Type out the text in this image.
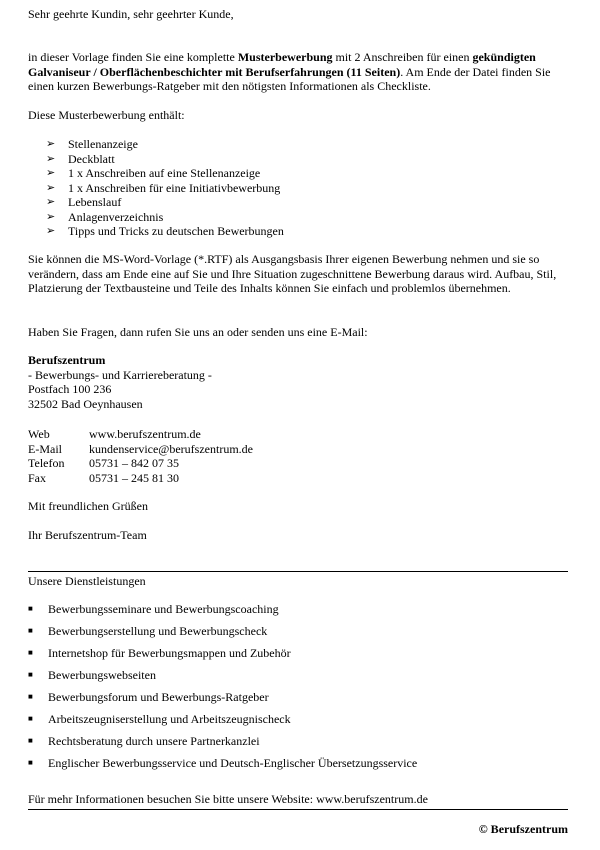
Sehr geehrte Kundin, sehr geehrter Kunde,

in dieser Vorlage finden Sie eine komplette Musterbewerbung mit 2 Anschreiben für einen gekündigten Galvaniseur / Oberflächenbeschichter mit Berufserfahrungen (11 Seiten). Am Ende der Datei finden Sie einen kurzen Bewerbungs-Ratgeber mit den nötigsten Informationen als Checkliste.

Diese Musterbewerbung enthält:

➢	Stellenanzeige
➢	Deckblatt
➢	1 x Anschreiben auf eine Stellenanzeige
➢	1 x Anschreiben für eine Initiativbewerbung
➢	Lebenslauf
➢	Anlagenverzeichnis
➢	Tipps und Tricks zu deutschen Bewerbungen

Sie können die MS-Word-Vorlage (*.RTF) als Ausgangsbasis Ihrer eigenen Bewerbung nehmen und sie so verändern, dass am Ende eine auf Sie und Ihre Situation zugeschnittene Bewerbung daraus wird. Aufbau, Stil, Platzierung der Textbausteine und Teile des Inhalts können Sie einfach und problemlos übernehmen.

Haben Sie Fragen, dann rufen Sie uns an oder senden uns eine E-Mail:

Berufszentrum

- Bewerbungs- und Karriereberatung -

Postfach 100 236

32502 Bad Oeynhausen

Web	www.berufszentrum.de
E-Mail	kundenservice@berufszentrum.de
Telefon	05731 – 842 07 35
Fax	05731 – 245 81 30

Mit freundlichen Grüßen

Ihr Berufszentrum-Team

Unsere Dienstleistungen

■	Bewerbungsseminare und Bewerbungscoaching
■	Bewerbungserstellung und Bewerbungscheck
■	Internetshop für Bewerbungsmappen und Zubehör
■	Bewerbungswebseiten
■	Bewerbungsforum und Bewerbungs-Ratgeber
■	Arbeitszeugniserstellung und Arbeitszeugnischeck
■	Rechtsberatung durch unsere Partnerkanzlei
■	Englischer Bewerbungsservice und Deutsch-Englischer Übersetzungsservice

Für mehr Informationen besuchen Sie bitte unsere Website: www.berufszentrum.de

© Berufszentrum
